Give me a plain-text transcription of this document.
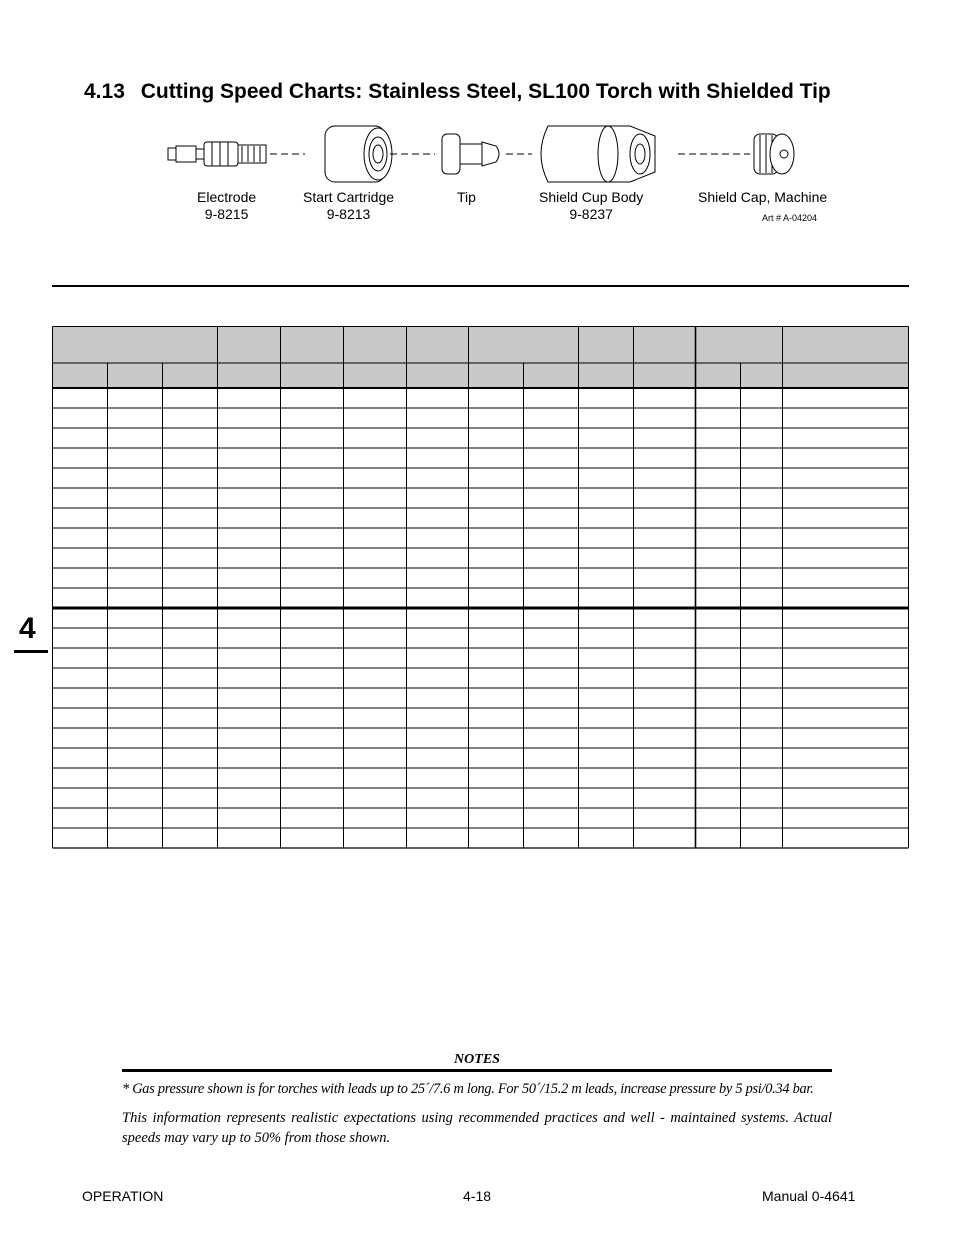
4.13 Cutting Speed Charts: Stainless Steel, SL100 Torch with Shielded Tip
Electrode
9-8215
Start Cartridge
9-8213
Tip	Shield Cup Body
9-8237
Shield Cap, Machine
Art # A-04204
4
NOTES
* Gas pressure shown is for torches with leads up to 25´/7.6 m long. For 50´/15.2 m leads, increase pressure by 5 psi/0.34 bar.
This information represents realistic expectations using recommended practices and well - maintained systems. Actual speeds may vary up to 50% from those shown.
OPERATION	4-18	Manual 0-4641
